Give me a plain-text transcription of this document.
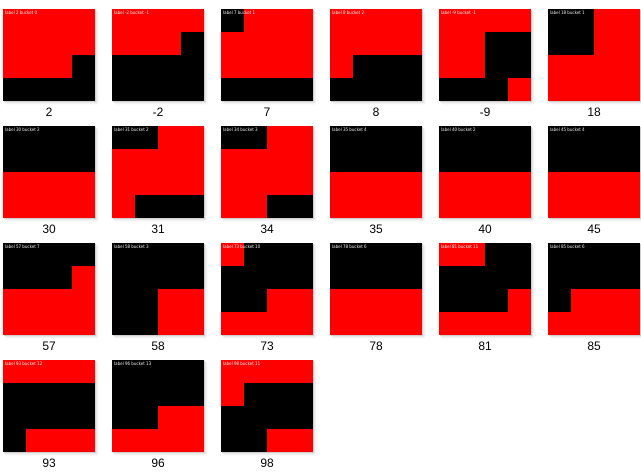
label 2 bucket 0
2
label -2 bucket -1
-2
label 7 bucket 1
7
label 8 bucket 2
8
label -9 bucket -1
-9
label 18 bucket 1
18
label 30 bucket 2
30
label 31 bucket 2
31
label 34 bucket 3
34
label 35 bucket 4
35
label 40 bucket 2
40
label 45 bucket 4
45
label 57 bucket 7
57
label 58 bucket 3
58
label 73 bucket 10
73
label 78 bucket 6
78
label 81 bucket 11
81
label 85 bucket 6
85
label 93 bucket 12
93
label 96 bucket 13
96
label 98 bucket 11
98
